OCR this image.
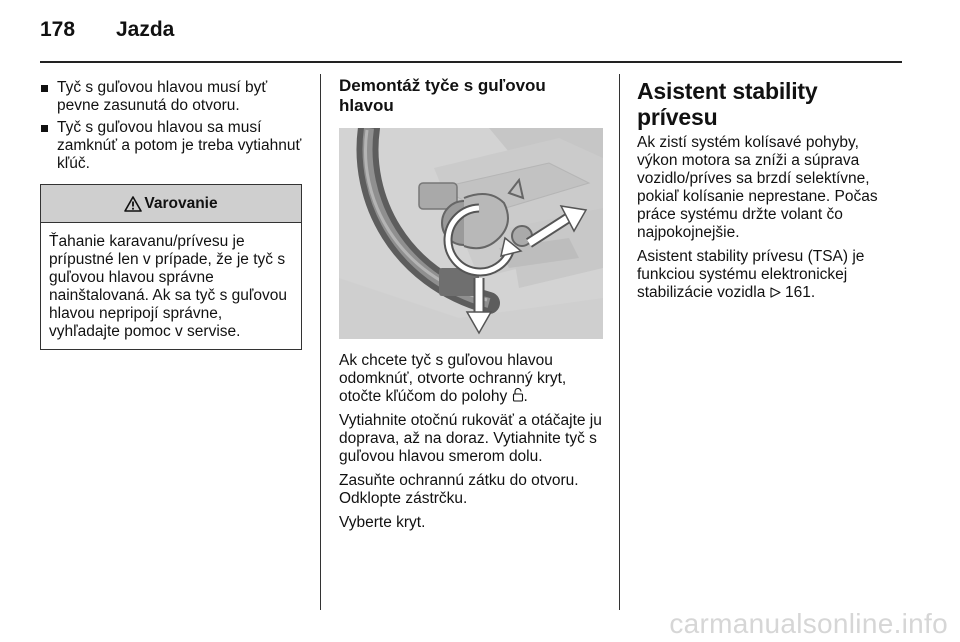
178 Jazda
Tyč s guľovou hlavou musí byť pevne zasunutá do otvoru.
Tyč s guľovou hlavou sa musí zamknúť a potom je treba vytiahnuť kľúč.
Varovanie
Ťahanie karavanu/prívesu je prípustné len v prípade, že je tyč s guľovou hlavou správne nainštalovaná. Ak sa tyč s guľovou hlavou nepripojí správne, vyhľadajte pomoc v servise.
Demontáž tyče s guľovou hlavou

Ak chcete tyč s guľovou hlavou odomknúť, otvorte ochranný kryt, otočte kľúčom do polohy .

Vytiahnite otočnú rukoväť a otáčajte ju doprava, až na doraz. Vytiahnite tyč s guľovou hlavou smerom dolu.

Zasuňte ochrannú zátku do otvoru. Odklopte zástrčku.

Vyberte kryt.

Asistent stability prívesu

Ak zistí systém kolísavé pohyby, výkon motora sa zníži a súprava vozidlo/príves sa brzdí selektívne, pokiaľ kolísanie neprestane. Počas práce systému držte volant čo najpokojnejšie.

Asistent stability prívesu (TSA) je funkciou systému elektronickej stabilizácie vozidla 161.

carmanualsonline.info
